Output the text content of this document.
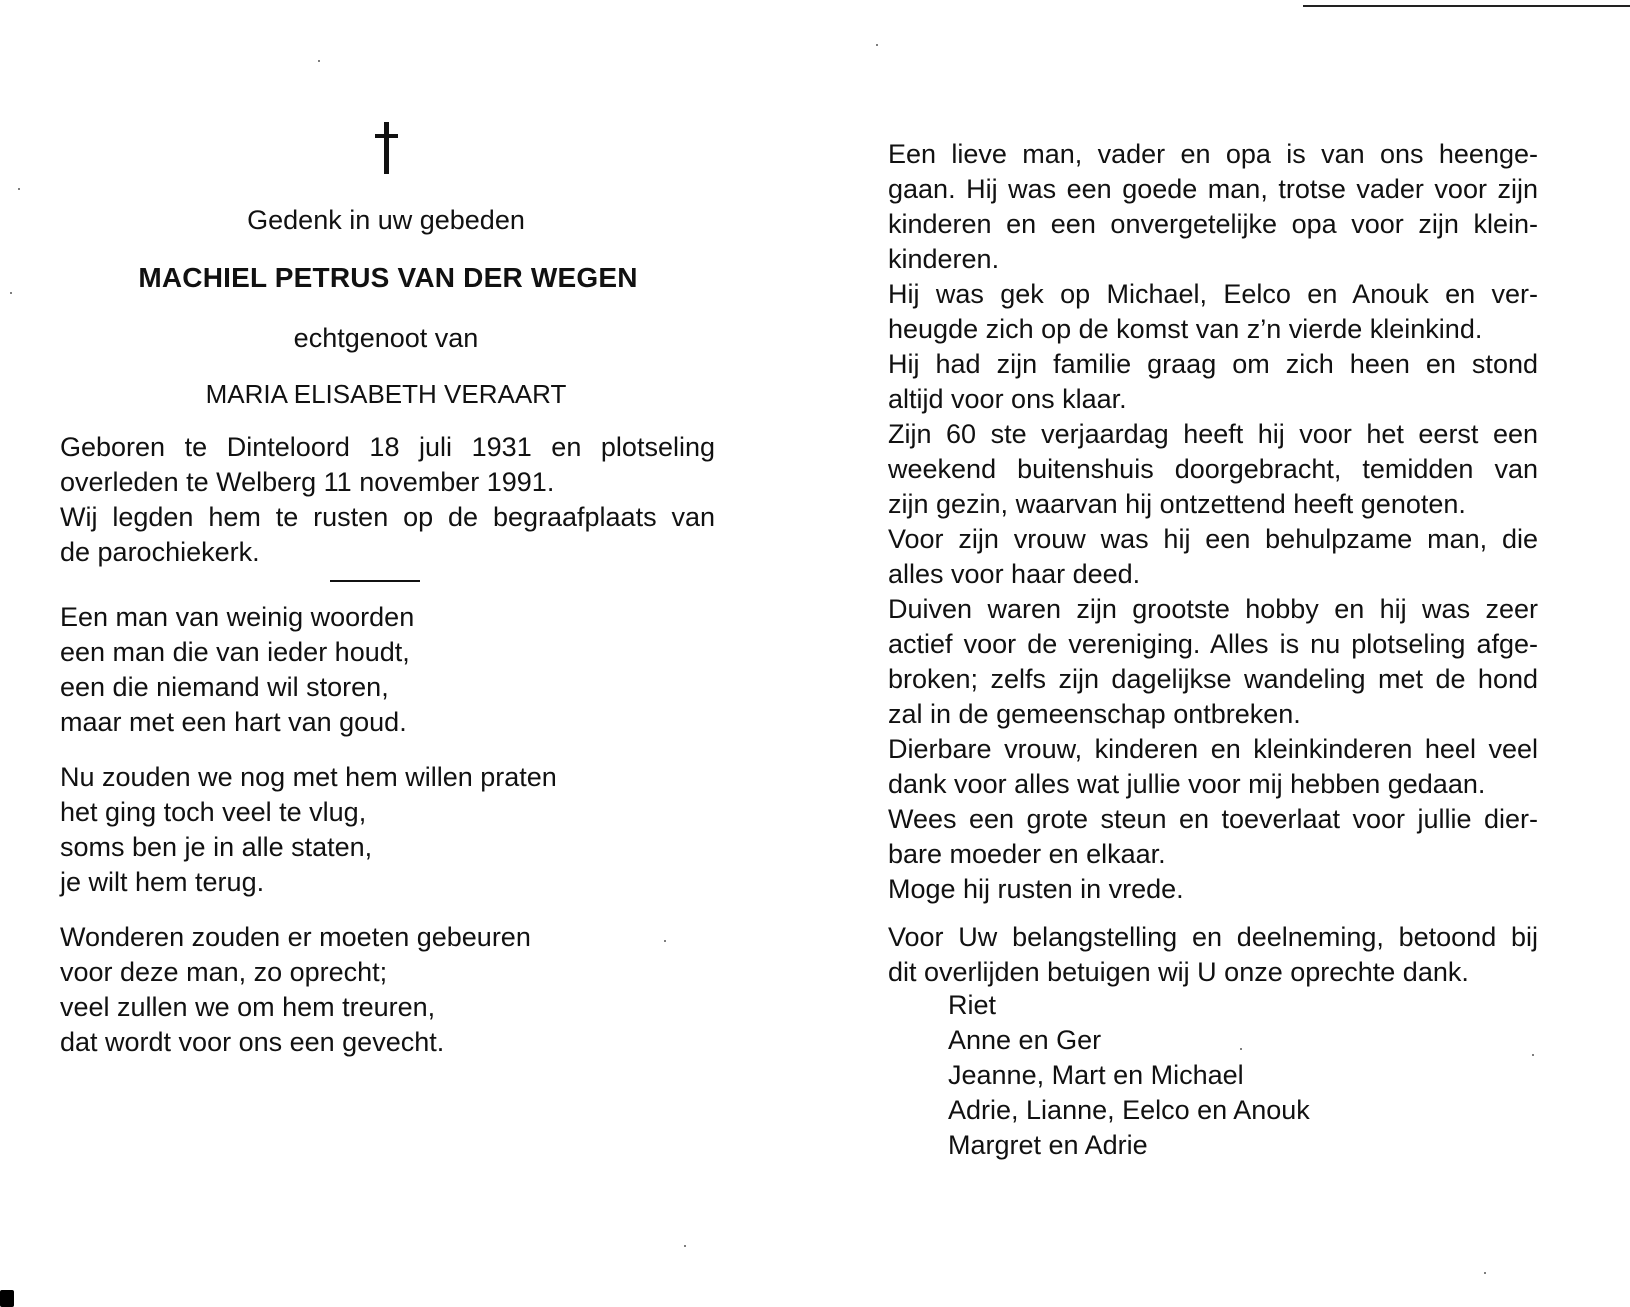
Gedenk in uw gebeden
MACHIEL PETRUS VAN DER WEGEN
echtgenoot van
MARIA ELISABETH VERAART
Geboren te Dinteloord 18 juli 1931 en plotseling
overleden te Welberg 11 november 1991.
Wij legden hem te rusten op de begraafplaats van
de parochiekerk.
Een man van weinig woorden
een man die van ieder houdt,
een die niemand wil storen,
maar met een hart van goud.
Nu zouden we nog met hem willen praten
het ging toch veel te vlug,
soms ben je in alle staten,
je wilt hem terug.
Wonderen zouden er moeten gebeuren
voor deze man, zo oprecht;
veel zullen we om hem treuren,
dat wordt voor ons een gevecht.
Een lieve man, vader en opa is van ons heenge-
gaan. Hij was een goede man, trotse vader voor zijn
kinderen en een onvergetelijke opa voor zijn klein-
kinderen.
Hij was gek op Michael, Eelco en Anouk en ver-
heugde zich op de komst van z’n vierde kleinkind.
Hij had zijn familie graag om zich heen en stond
altijd voor ons klaar.
Zijn 60 ste verjaardag heeft hij voor het eerst een
weekend buitenshuis doorgebracht, temidden van
zijn gezin, waarvan hij ontzettend heeft genoten.
Voor zijn vrouw was hij een behulpzame man, die
alles voor haar deed.
Duiven waren zijn grootste hobby en hij was zeer
actief voor de vereniging. Alles is nu plotseling afge-
broken; zelfs zijn dagelijkse wandeling met de hond
zal in de gemeenschap ontbreken.
Dierbare vrouw, kinderen en kleinkinderen heel veel
dank voor alles wat jullie voor mij hebben gedaan.
Wees een grote steun en toeverlaat voor jullie dier-
bare moeder en elkaar.
Moge hij rusten in vrede.
Voor Uw belangstelling en deelneming, betoond bij
dit overlijden betuigen wij U onze oprechte dank.
Riet
Anne en Ger
Jeanne, Mart en Michael
Adrie, Lianne, Eelco en Anouk
Margret en Adrie
